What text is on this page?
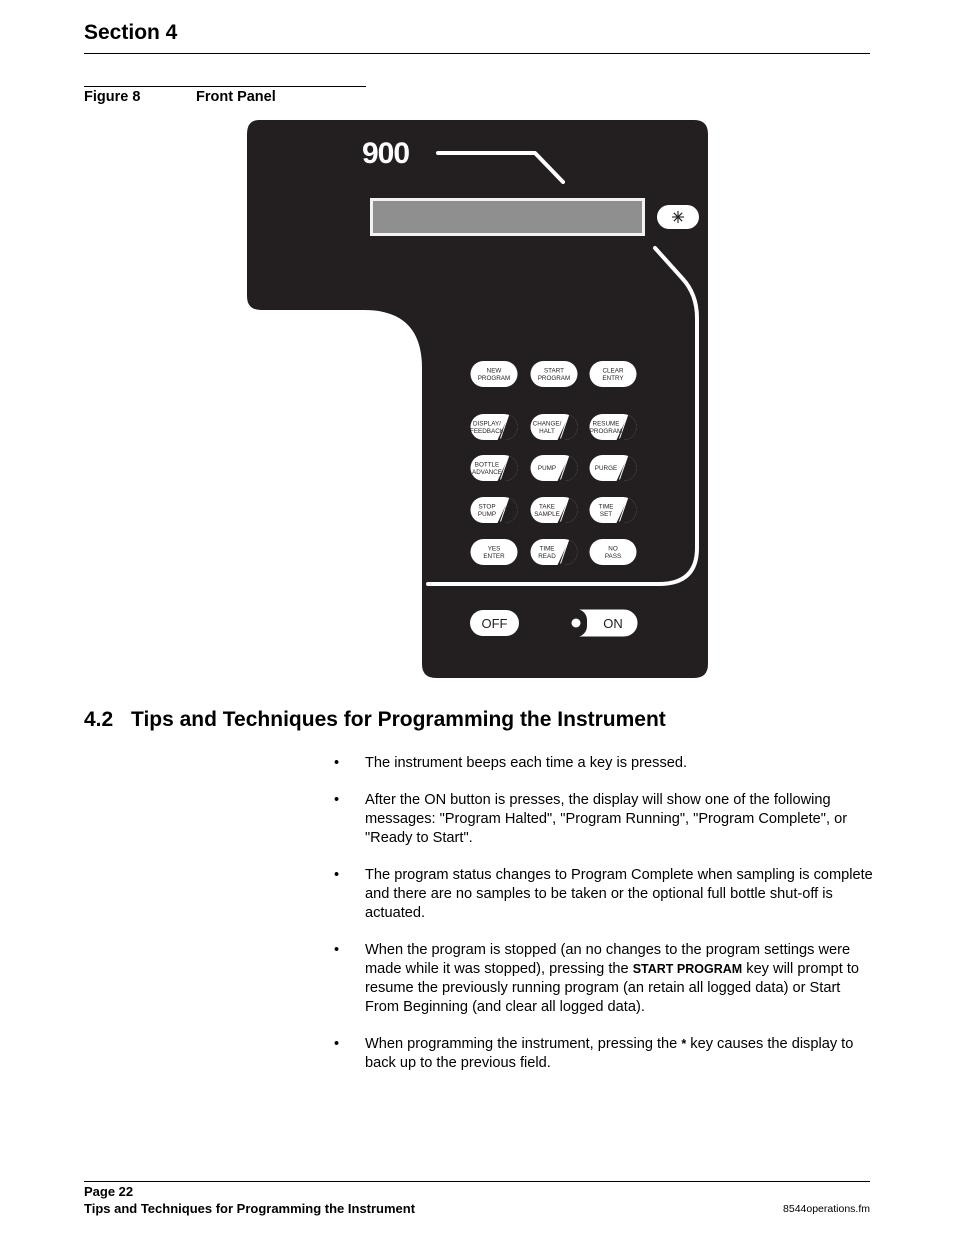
Section 4
Figure 8	Front Panel
900
NEW
PROGRAM
START
PROGRAM
CLEAR
ENTRY
DISPLAY/
FEEDBACK 1	CHANGE/
HALT 2	RESUME
PROGRAM 3
BOTTLE
ADVANCE 4	PUMP 5	PURGE 6
STOP
PUMP 7	TAKE
SAMPLE 8	TIME
SET 9
YES
ENTER
TIME
READ 0	NO
PASS
OFF	ON
4.2 Tips and Techniques for Programming the Instrument
• The instrument beeps each time a key is pressed.
• After the ON button is presses, the display will show one of the following messages: "Program Halted", "Program Running", "Program Complete", or "Ready to Start".
• The program status changes to Program Complete when sampling is complete and there are no samples to be taken or the optional full bottle shut-off is actuated.
• When the program is stopped (an no changes to the program settings were made while it was stopped), pressing the START PROGRAM key will prompt to resume the previously running program (an retain all logged data) or Start From Beginning (and clear all logged data).
• When programming the instrument, pressing the * key causes the display to back up to the previous field.
Page 22
Tips and Techniques for Programming the Instrument	8544operations.fm
